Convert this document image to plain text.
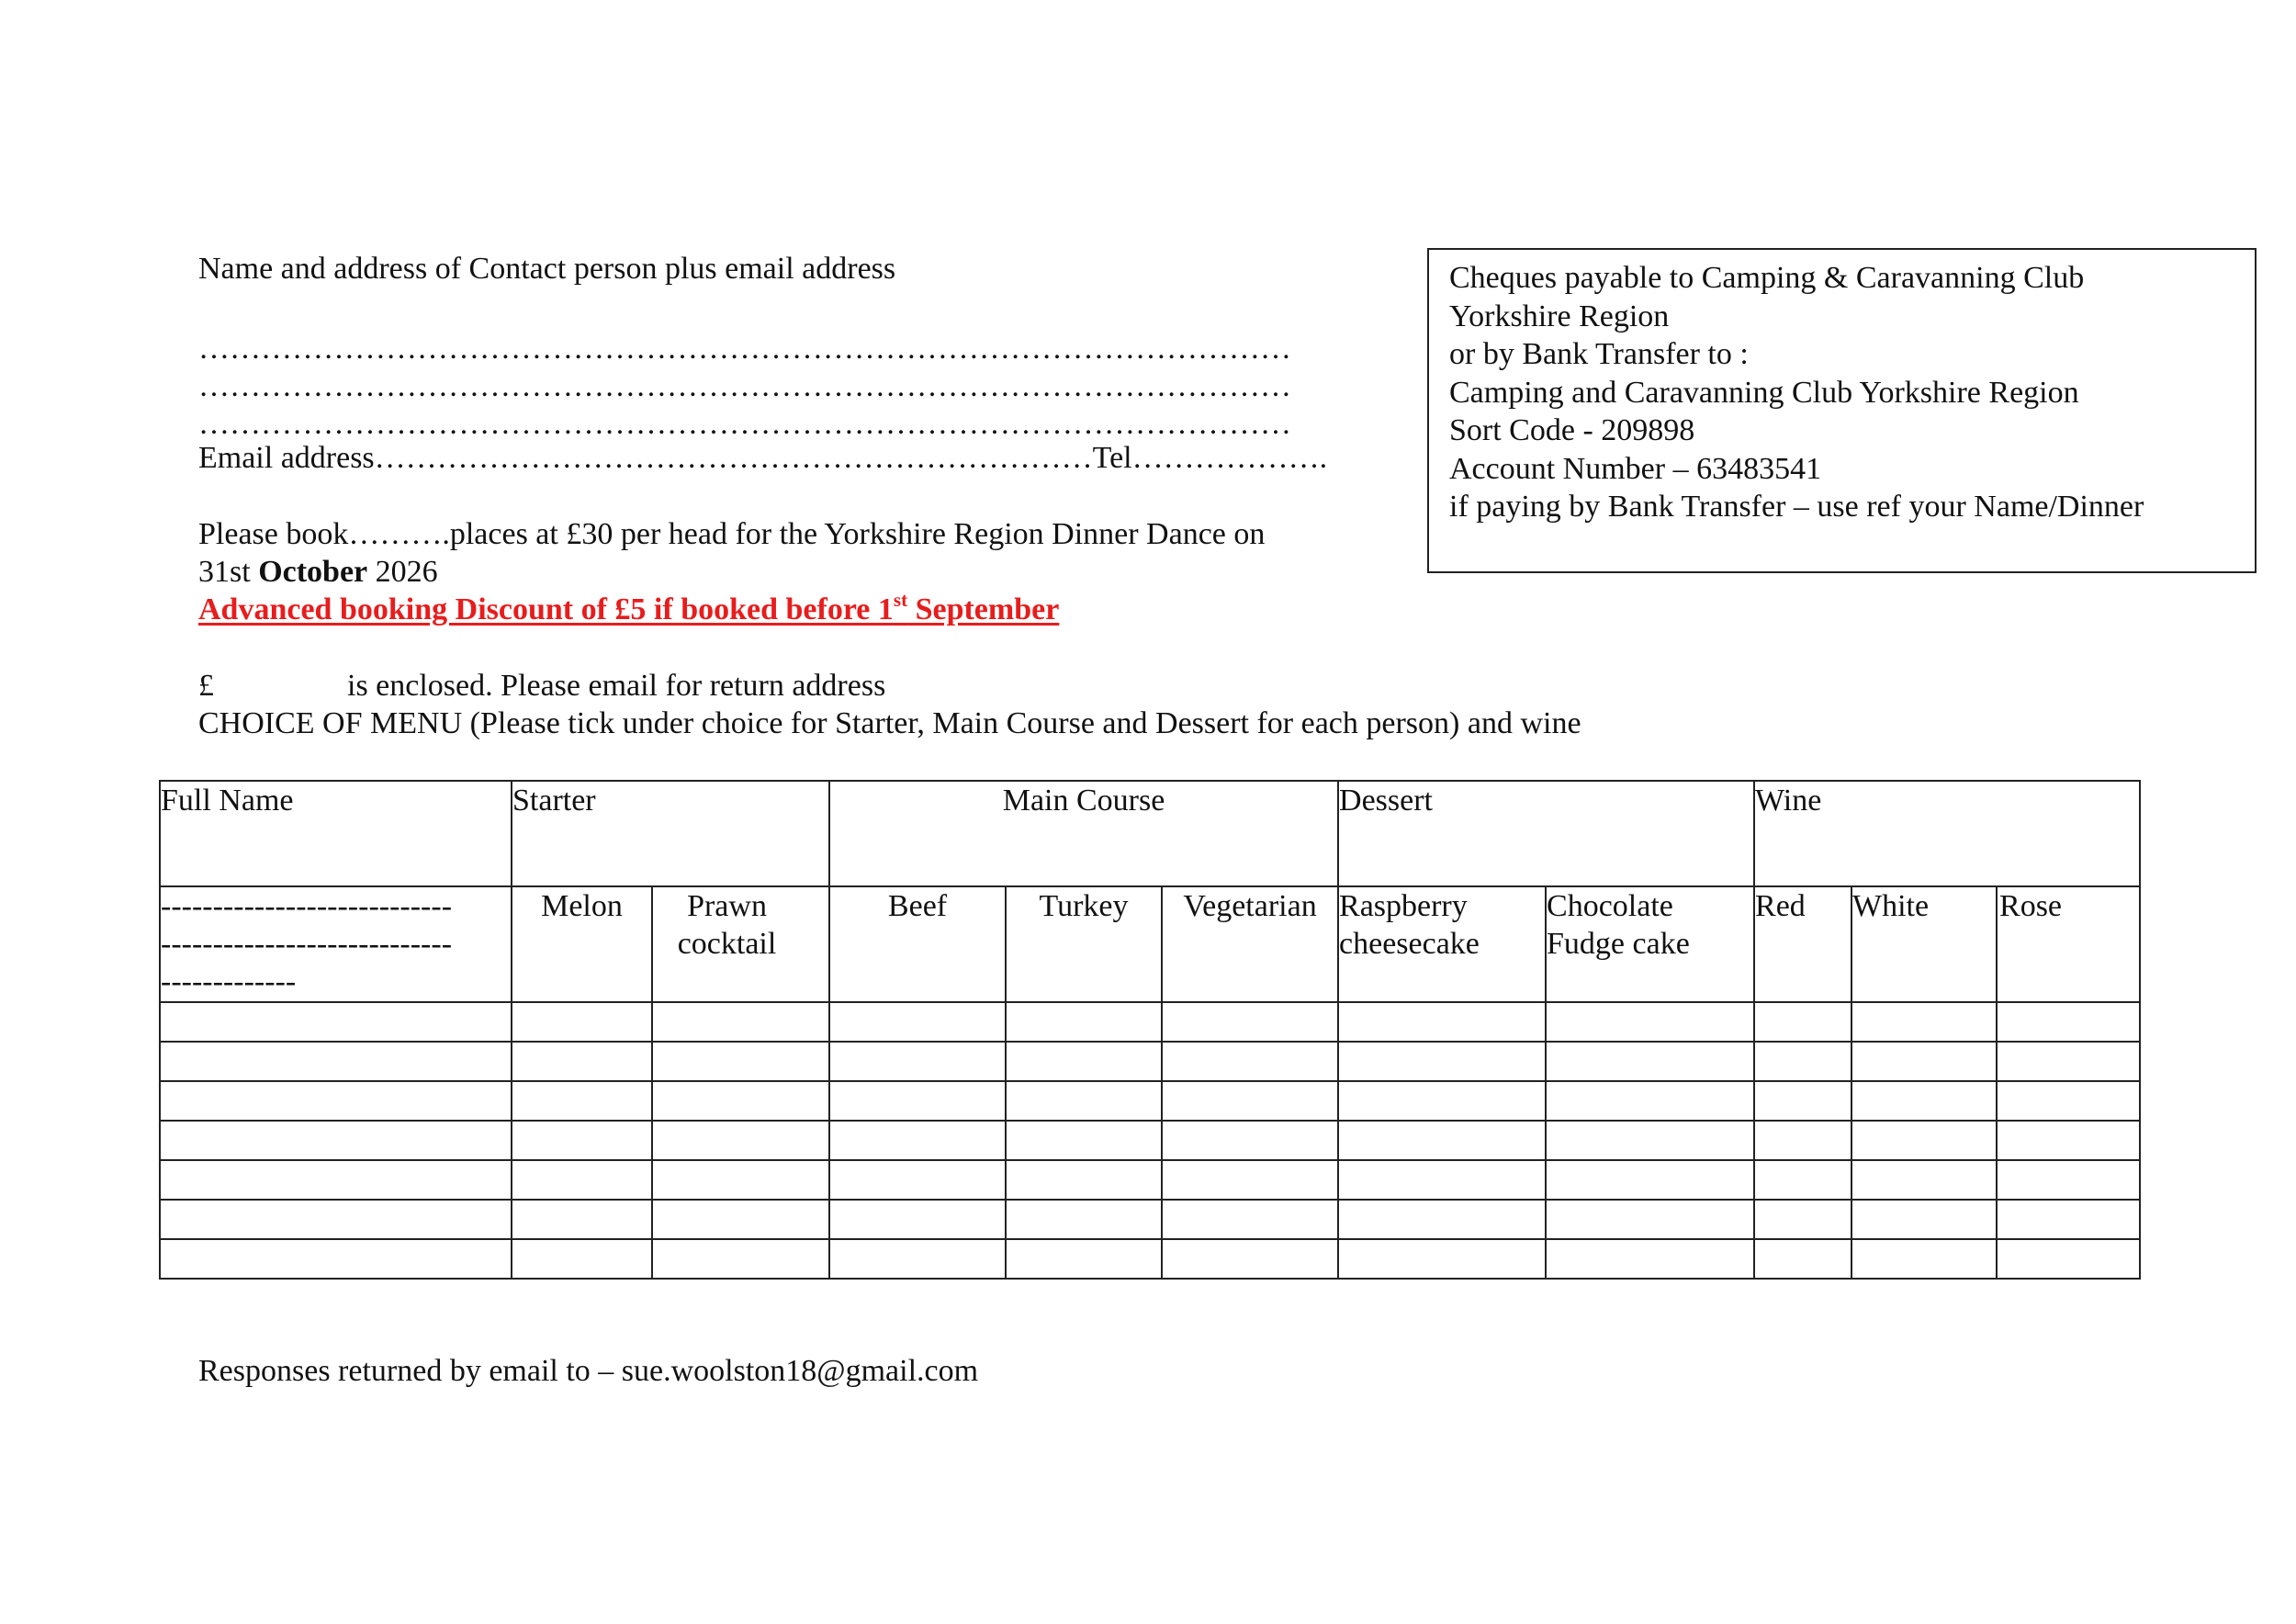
Name and address of Contact person plus email address

……………………………………………………………………………………………

……………………………………………………………………………………………

……………………………………………………………………………………………

Email address……………………………………………………………Tel……………….

Please book……….places at £30 per head for the Yorkshire Region Dinner Dance on

31st October 2026

Advanced booking Discount of £5 if booked before 1st September

£	is enclosed. Please email for return address

CHOICE OF MENU (Please tick under choice for Starter, Main Course and Dessert for each person) and wine

Cheques payable to Camping & Caravanning Club
Yorkshire Region
or by Bank Transfer to :
Camping and Caravanning Club Yorkshire Region
Sort Code - 209898
Account Number – 63483541
if paying by Bank Transfer – use ref your Name/Dinner
Full Name	Starter		Main Course			Dessert		Wine		
----------------------------
----------------------------
-------------	Melon	Prawn cocktail	Beef	Turkey	Vegetarian	Raspberry cheesecake	Chocolate Fudge cake	Red	White	Rose

Responses returned by email to – sue.woolston18@gmail.com
